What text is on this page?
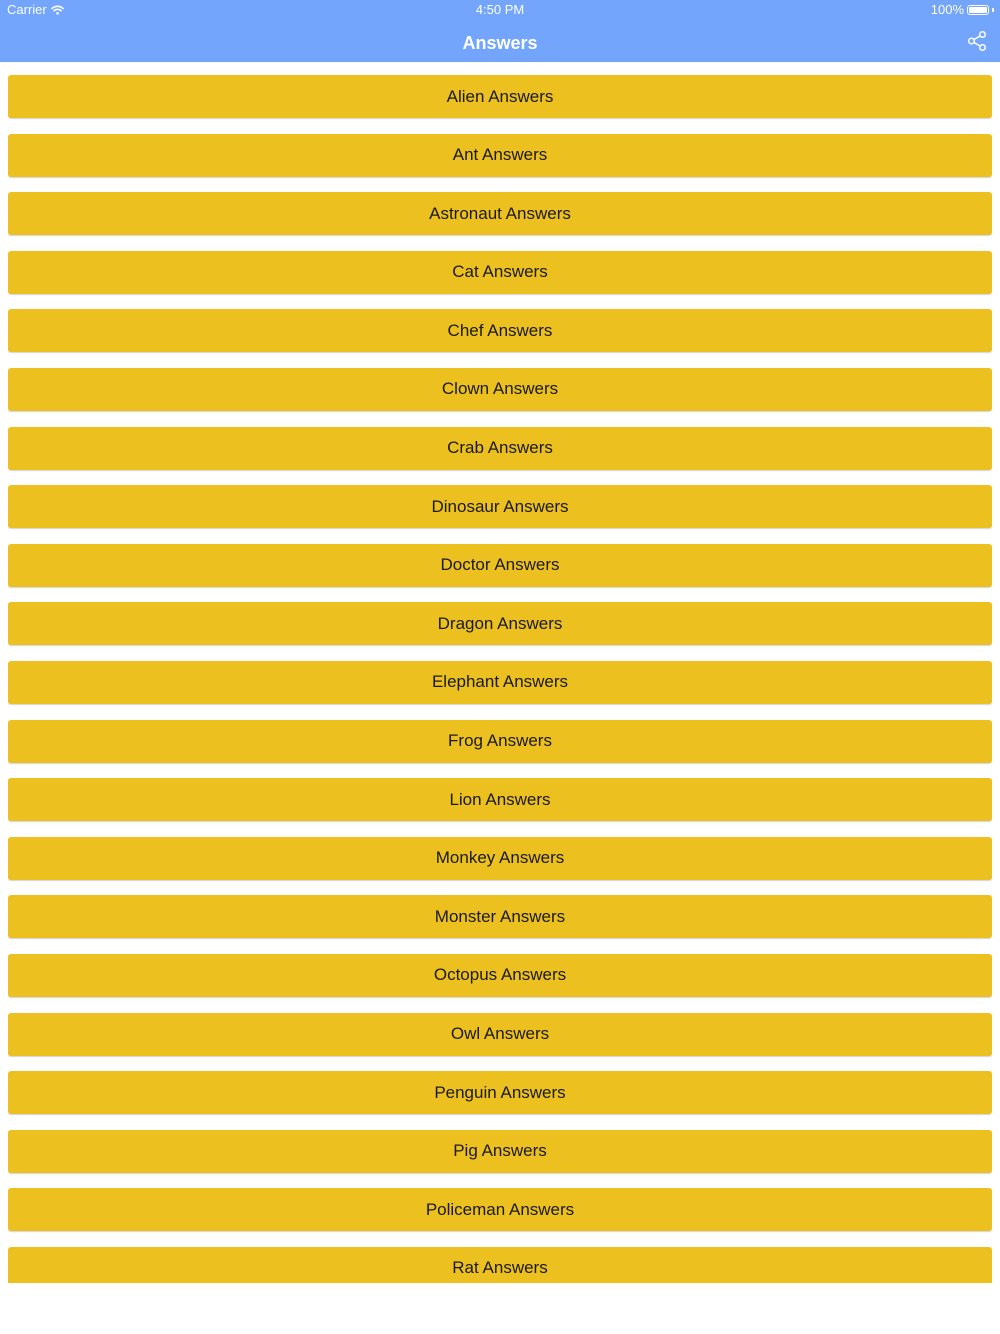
Carrier	4:50 PM	100%
Answers
Alien Answers
Ant Answers
Astronaut Answers
Cat Answers
Chef Answers
Clown Answers
Crab Answers
Dinosaur Answers
Doctor Answers
Dragon Answers
Elephant Answers
Frog Answers
Lion Answers
Monkey Answers
Monster Answers
Octopus Answers
Owl Answers
Penguin Answers
Pig Answers
Policeman Answers
Rat Answers
